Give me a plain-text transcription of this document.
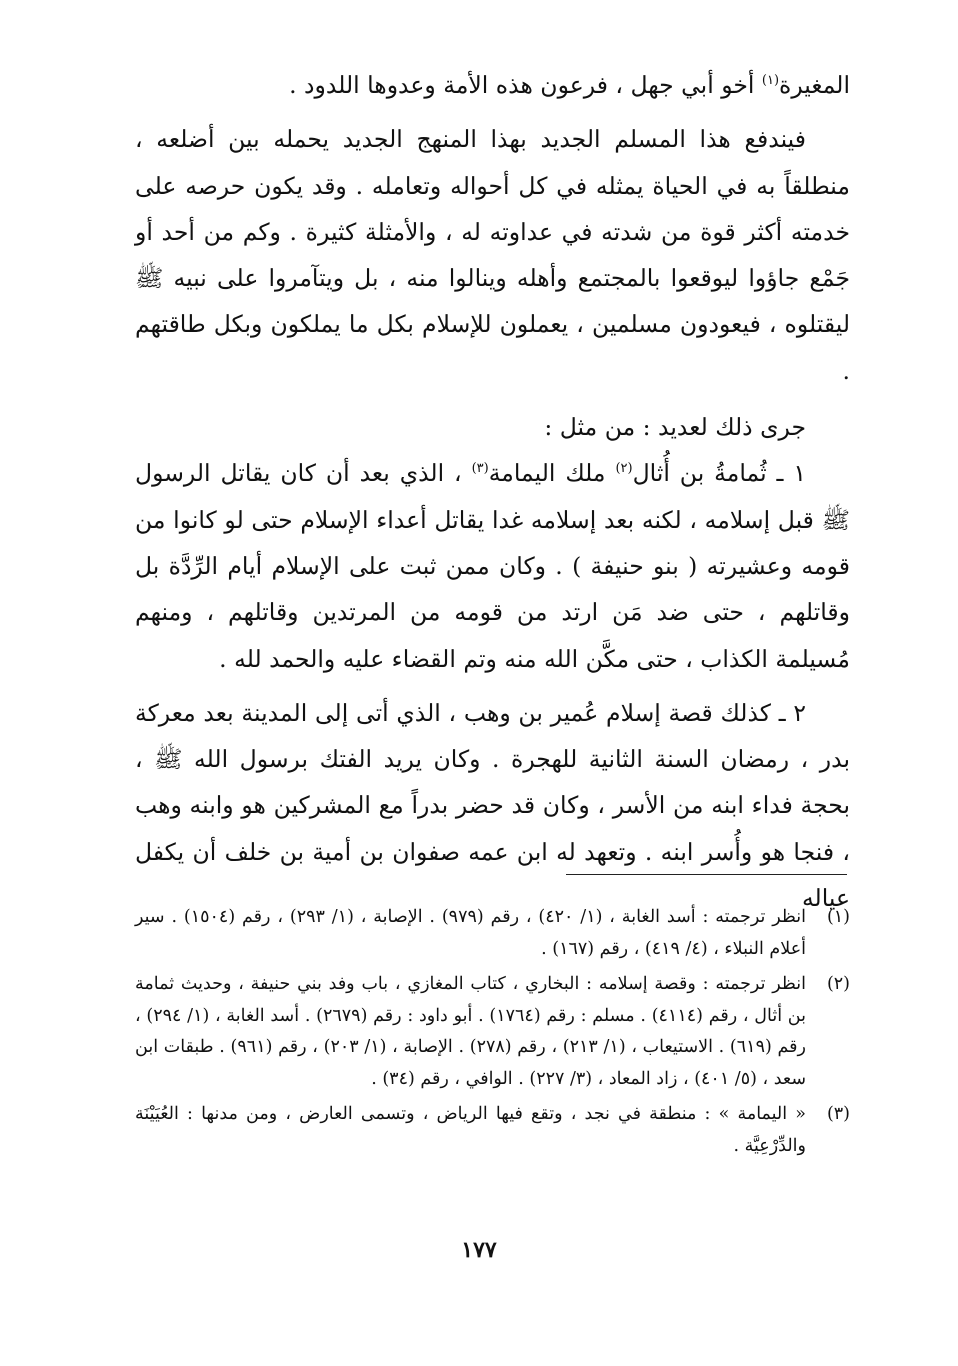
المغيرة$^{(١)}$ أخو أبي جهل ، فرعون هذه الأمة وعدوها اللدود .

فيندفع هذا المسلم الجديد بهذا المنهج الجديد يحمله بين أضلعه ، منطلقاً به في الحياة يمثله في كل أحواله وتعامله . وقد يكون حرصه على خدمته أكثر قوة من شدته في عداوته له ، والأمثلة كثيرة . وكم من أحد أو جَمْع جاؤوا ليوقعوا بالمجتمع وأهله وينالوا منه ، بل ويتآمروا على نبيه ﷺ ليقتلوه ، فيعودون مسلمين ، يعملون للإسلام بكل ما يملكون وبكل طاقتهم .

جرى ذلك لعديد : من مثل :

١ ـ ثُمامةُ بن أُثال$^{(٢)}$ ملك اليمامة$^{(٣)}$ ، الذي بعد أن كان يقاتل الرسول ﷺ قبل إسلامه ، لكنه بعد إسلامه غدا يقاتل أعداء الإسلام حتى لو كانوا من قومه وعشيرته ( بنو حنيفة ) . وكان ممن ثبت على الإسلام أيام الرِّدَّة بل وقاتلهم ، حتى ضد مَن ارتد من قومه من المرتدين وقاتلهم ، ومنهم مُسيلمة الكذاب ، حتى مكَّن الله منه وتم القضاء عليه والحمد لله .

٢ ـ كذلك قصة إسلام عُمير بن وهب ، الذي أتى إلى المدينة بعد معركة بدر ، رمضان السنة الثانية للهجرة . وكان يريد الفتك برسول الله ﷺ ، بحجة فداء ابنه من الأسر ، وكان قد حضر بدراً مع المشركين هو وابنه وهب ، فنجا هو وأُسر ابنه . وتعهد له ابن عمه صفوان بن أمية بن خلف أن يكفل عياله

(١)
انظر ترجمته : أسد الغابة ، (١/ ٤٢٠) ، رقم (٩٧٩) . الإصابة ، (١/ ٢٩٣) ، رقم (١٥٠٤) . سير أعلام النبلاء ، (٤/ ٤١٩) ، رقم (١٦٧) .
(٢)
انظر ترجمته : وقصة إسلامه : البخاري ، كتاب المغازي ، باب وفد بني حنيفة ، وحديث ثمامة بن أثال ، رقم (٤١١٤) . مسلم : رقم (١٧٦٤) . أبو داود : رقم (٢٦٧٩) . أسد الغابة ، (١/ ٢٩٤) ، رقم (٦١٩) . الاستيعاب ، (١/ ٢١٣) ، رقم (٢٧٨) . الإصابة ، (١/ ٢٠٣) ، رقم (٩٦١) . طبقات ابن سعد ، (٥/ ٤٠١) ، زاد المعاد ، (٣/ ٢٢٧) . الوافي ، رقم (٣٤) .
(٣)
« اليمامة » : منطقة في نجد ، وتقع فيها الرياض ، وتسمى العارض ، ومن مدنها : العُيَيْنَة والدِّرْعِيَّة .
١٧٧
